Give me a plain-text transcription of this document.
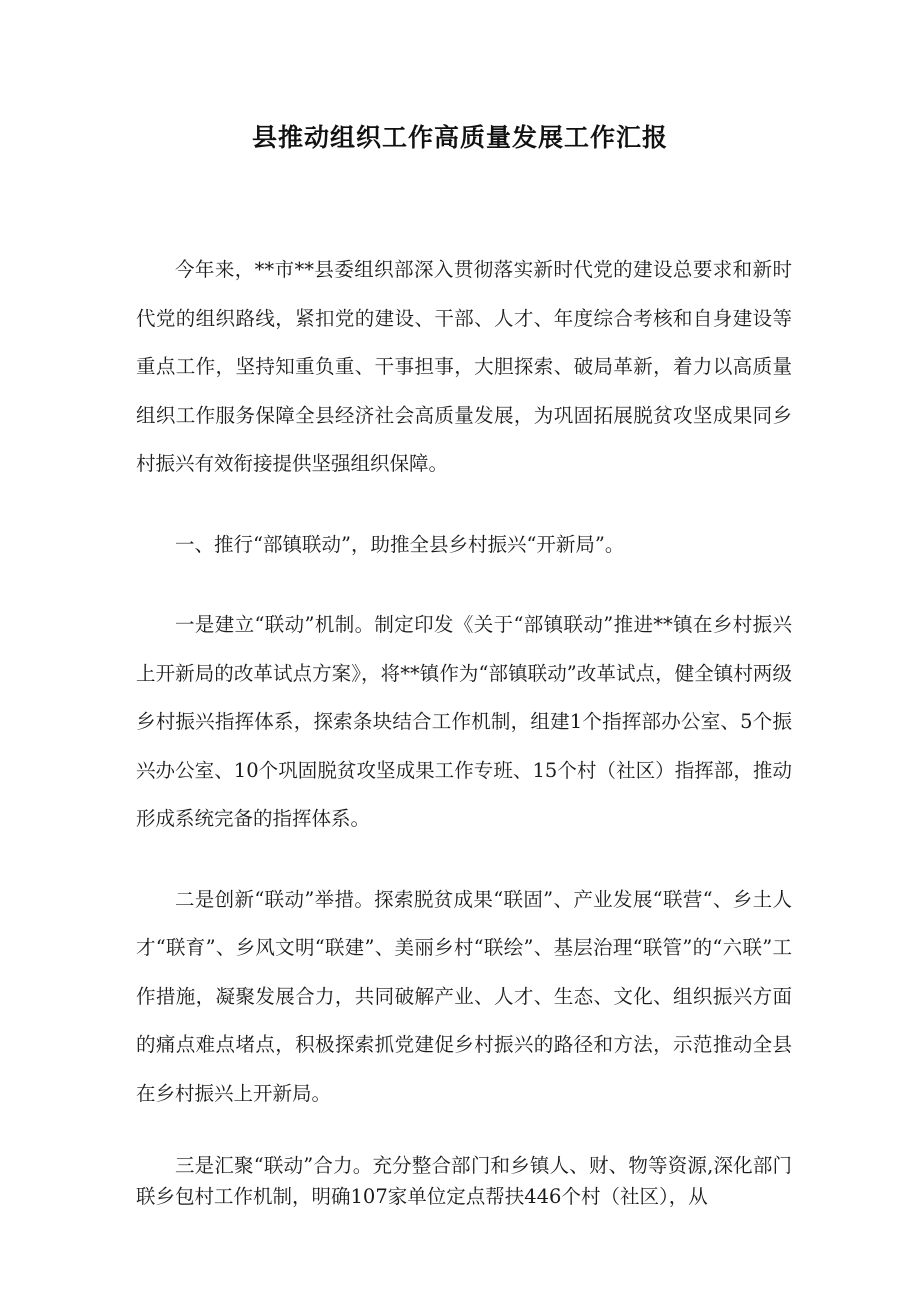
县推动组织工作高质量发展工作汇报

今年来，**市**县委组织部深入贯彻落实新时代党的建设总要求和新时代党的组织路线，紧扣党的建设、干部、人才、年度综合考核和自身建设等重点工作，坚持知重负重、干事担事，大胆探索、破局革新，着力以高质量组织工作服务保障全县经济社会高质量发展，为巩固拓展脱贫攻坚成果同乡村振兴有效衔接提供坚强组织保障。

一、推行“部镇联动”，助推全县乡村振兴“开新局”。

一是建立“联动”机制。制定印发《关于“部镇联动”推进**镇在乡村振兴上开新局的改革试点方案》，将**镇作为“部镇联动”改革试点，健全镇村两级乡村振兴指挥体系，探索条块结合工作机制，组建1个指挥部办公室、5个振兴办公室、10个巩固脱贫攻坚成果工作专班、15个村（社区）指挥部，推动形成系统完备的指挥体系。

二是创新“联动”举措。探索脱贫成果“联固”、产业发展“联营“、乡土人才“联育”、乡风文明“联建”、美丽乡村“联绘”、基层治理“联管”的“六联”工作措施，凝聚发展合力，共同破解产业、人才、生态、文化、组织振兴方面的痛点难点堵点，积极探索抓党建促乡村振兴的路径和方法，示范推动全县在乡村振兴上开新局。

三是汇聚“联动”合力。充分整合部门和乡镇人、财、物等资源,深化部门联乡包村工作机制，明确107家单位定点帮扶446个村（社区），从
